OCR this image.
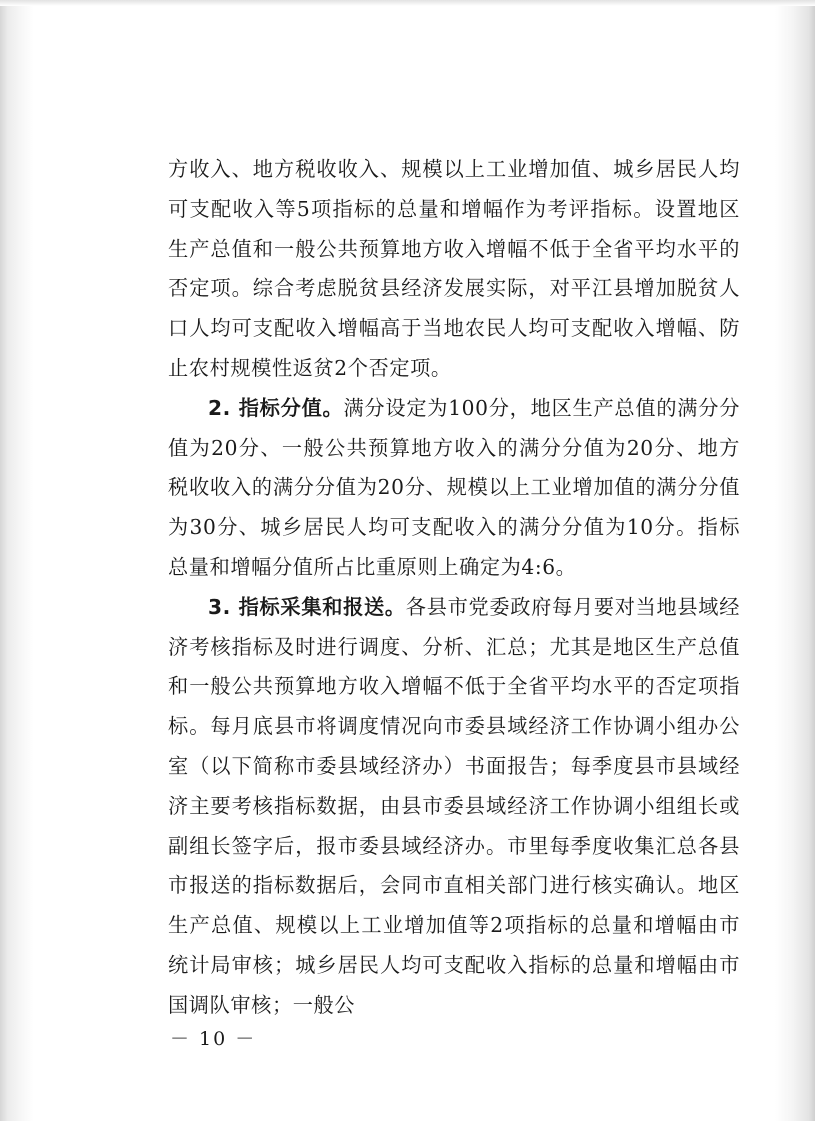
方收入、地方税收收入、规模以上工业增加值、城乡居民人均可支配收入等5项指标的总量和增幅作为考评指标。设置地区生产总值和一般公共预算地方收入增幅不低于全省平均水平的否定项。综合考虑脱贫县经济发展实际，对平江县增加脱贫人口人均可支配收入增幅高于当地农民人均可支配收入增幅、防止农村规模性返贫2个否定项。

2. 指标分值。满分设定为100分，地区生产总值的满分分值为20分、一般公共预算地方收入的满分分值为20分、地方税收收入的满分分值为20分、规模以上工业增加值的满分分值为30分、城乡居民人均可支配收入的满分分值为10分。指标总量和增幅分值所占比重原则上确定为4:6。

3. 指标采集和报送。各县市党委政府每月要对当地县域经济考核指标及时进行调度、分析、汇总；尤其是地区生产总值和一般公共预算地方收入增幅不低于全省平均水平的否定项指标。每月底县市将调度情况向市委县域经济工作协调小组办公室（以下简称市委县域经济办）书面报告；每季度县市县域经济主要考核指标数据，由县市委县域经济工作协调小组组长或副组长签字后，报市委县域经济办。市里每季度收集汇总各县市报送的指标数据后，会同市直相关部门进行核实确认。地区生产总值、规模以上工业增加值等2项指标的总量和增幅由市统计局审核；城乡居民人均可支配收入指标的总量和增幅由市国调队审核；一般公

－ 10 －
